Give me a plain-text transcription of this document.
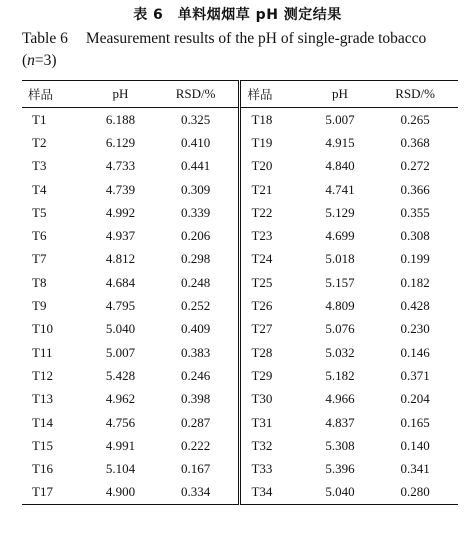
表 6　单料烟烟草 pH 测定结果
Table 6 Measurement results of the pH of single-grade tobacco (n=3)
样品	pH	RSD/%	样品	pH	RSD/%
T1	6.188	0.325	T18	5.007	0.265
T2	6.129	0.410	T19	4.915	0.368
T3	4.733	0.441	T20	4.840	0.272
T4	4.739	0.309	T21	4.741	0.366
T5	4.992	0.339	T22	5.129	0.355
T6	4.937	0.206	T23	4.699	0.308
T7	4.812	0.298	T24	5.018	0.199
T8	4.684	0.248	T25	5.157	0.182
T9	4.795	0.252	T26	4.809	0.428
T10	5.040	0.409	T27	5.076	0.230
T11	5.007	0.383	T28	5.032	0.146
T12	5.428	0.246	T29	5.182	0.371
T13	4.962	0.398	T30	4.966	0.204
T14	4.756	0.287	T31	4.837	0.165
T15	4.991	0.222	T32	5.308	0.140
T16	5.104	0.167	T33	5.396	0.341
T17	4.900	0.334	T34	5.040	0.280
